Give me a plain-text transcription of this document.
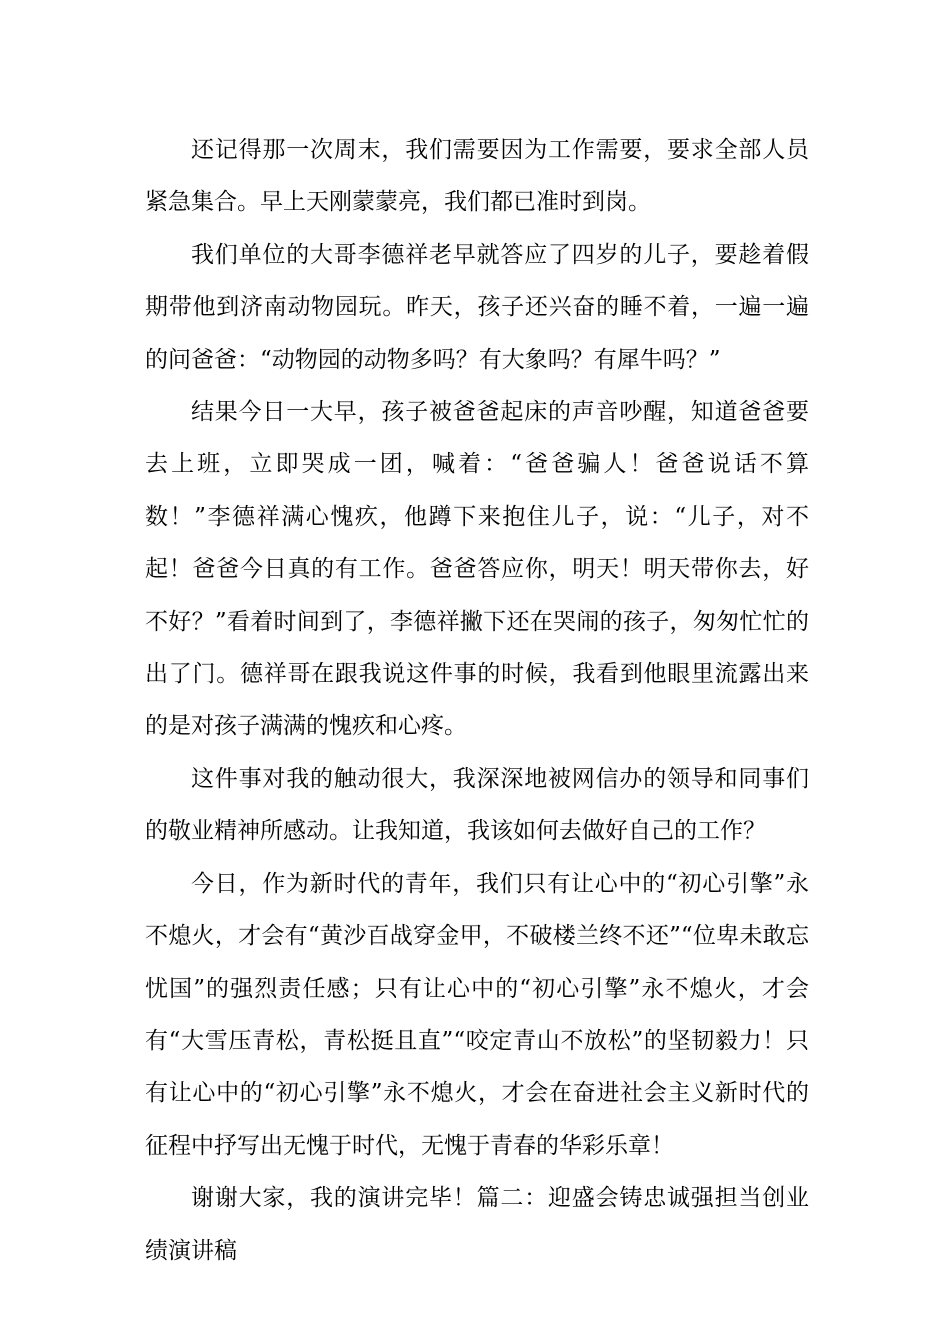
还记得那一次周末，我们需要因为工作需要，要求全部人员紧急集合。早上天刚蒙蒙亮，我们都已准时到岗。

我们单位的大哥李德祥老早就答应了四岁的儿子，要趁着假期带他到济南动物园玩。昨天，孩子还兴奋的睡不着，一遍一遍的问爸爸：“动物园的动物多吗？有大象吗？有犀牛吗？”

结果今日一大早，孩子被爸爸起床的声音吵醒，知道爸爸要去上班，立即哭成一团，喊着：“爸爸骗人！爸爸说话不算数！”李德祥满心愧疚，他蹲下来抱住儿子，说：“儿子，对不起！爸爸今日真的有工作。爸爸答应你，明天！明天带你去，好不好？”看着时间到了，李德祥撇下还在哭闹的孩子，匆匆忙忙的出了门。德祥哥在跟我说这件事的时候，我看到他眼里流露出来的是对孩子满满的愧疚和心疼。

这件事对我的触动很大，我深深地被网信办的领导和同事们的敬业精神所感动。让我知道，我该如何去做好自己的工作？

今日，作为新时代的青年，我们只有让心中的“初心引擎”永不熄火，才会有“黄沙百战穿金甲，不破楼兰终不还”“位卑未敢忘忧国”的强烈责任感；只有让心中的“初心引擎”永不熄火，才会有“大雪压青松，青松挺且直”“咬定青山不放松”的坚韧毅力！只有让心中的“初心引擎”永不熄火，才会在奋进社会主义新时代的征程中抒写出无愧于时代，无愧于青春的华彩乐章！

谢谢大家，我的演讲完毕！篇二：迎盛会铸忠诚强担当创业绩演讲稿
